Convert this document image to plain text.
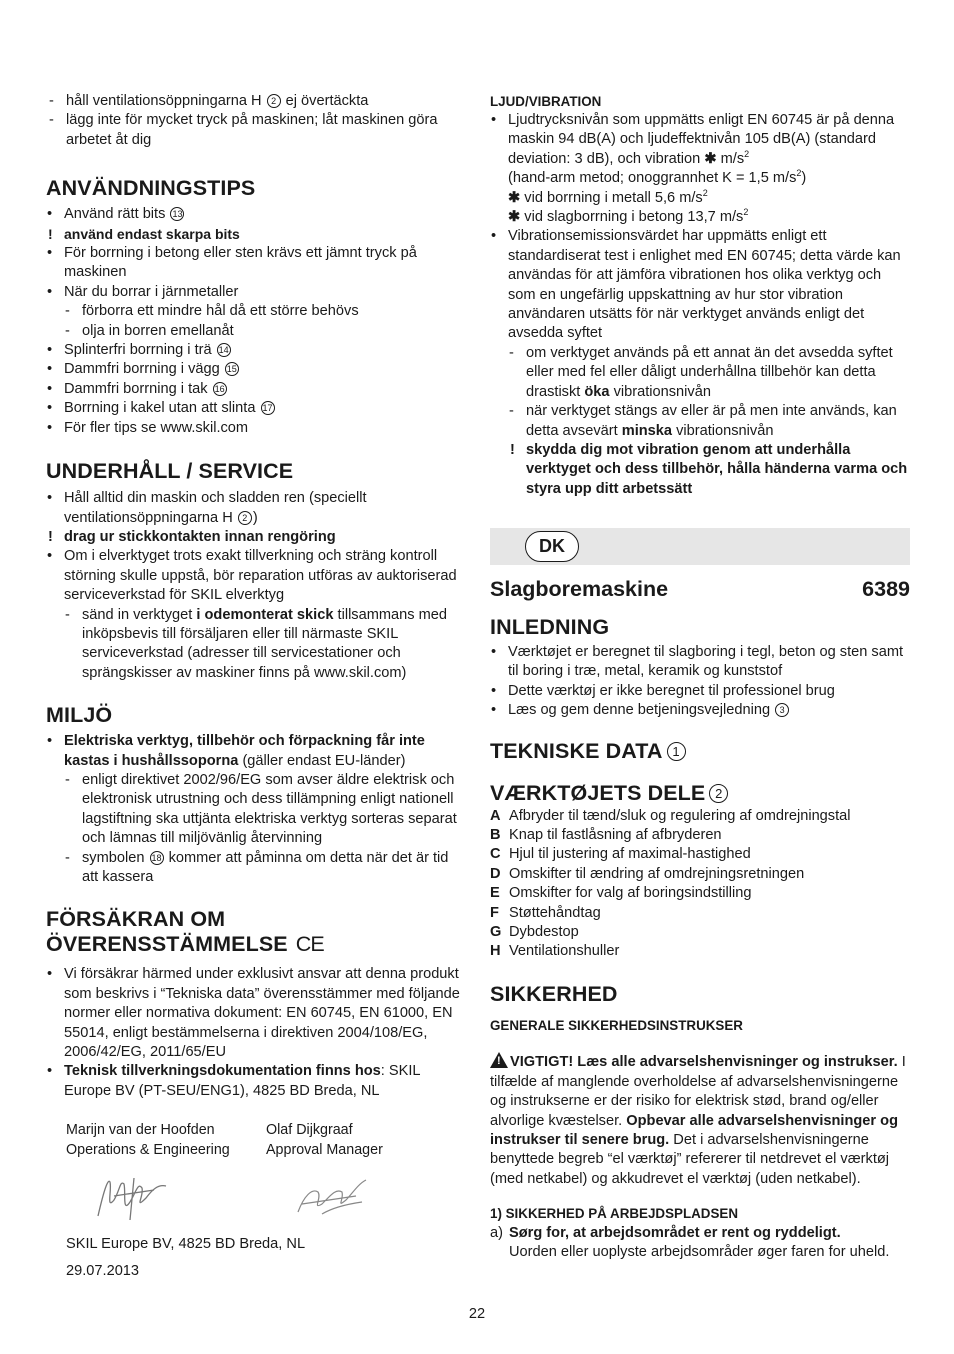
- håll ventilationsöppningarna H 2 ej övertäckta
- lägg inte för mycket tryck på maskinen; låt maskinen göra arbetet åt dig
ANVÄNDNINGSTIPS
• Använd rätt bits 13
! använd endast skarpa bits
• För borrning i betong eller sten krävs ett jämnt tryck på maskinen
• När du borrar i järnmetaller
- förborra ett mindre hål då ett större behövs
- olja in borren emellanåt
• Splinterfri borrning i trä 14
• Dammfri borrning i vägg 15
• Dammfri borrning i tak 16
• Borrning i kakel utan att slinta 17
• För fler tips se www.skil.com
UNDERHÅLL / SERVICE
• Håll alltid din maskin och sladden ren (speciellt ventilationsöppningarna H 2 )
! drag ur stickkontakten innan rengöring
• Om i elverktyget trots exakt tillverkning och sträng kontroll störning skulle uppstå, bör reparation utföras av auktoriserad serviceverkstad för SKIL elverktyg
- sänd in verktyget i odemonterat skick tillsammans med inköpsbevis till försäljaren eller till närmaste SKIL serviceverkstad (adresser till servicestationer och sprängskisser av maskiner finns på www.skil.com)
MILJÖ
• Elektriska verktyg, tillbehör och förpackning får inte kastas i hushållssoporna (gäller endast EU-länder)
- enligt direktivet 2002/96/EG som avser äldre elektrisk och elektronisk utrustning och dess tillämpning enligt nationell lagstiftning ska uttjänta elektriska verktyg sorteras separat och lämnas till miljövänlig återvinning
- symbolen 18 kommer att påminna om detta när det är tid att kassera
FÖRSÄKRAN OM
ÖVERENSSTÄMMELSE CE
• Vi försäkrar härmed under exklusivt ansvar att denna produkt som beskrivs i “Tekniska data” överensstämmer med följande normer eller normativa dokument: EN 60745, EN 61000, EN 55014, enligt bestämmelserna i direktiven 2004/108/EG, 2006/42/EG, 2011/65/EU
• Teknisk tillverkningsdokumentation finns hos: SKIL Europe BV (PT-SEU/ENG1), 4825 BD Breda, NL
Marijn van der Hoofden
Operations & Engineering
Olaf Dijkgraaf
Approval Manager
SKIL Europe BV, 4825 BD Breda, NL
29.07.2013
LJUD/VIBRATION
• Ljudtrycksnivån som uppmätts enligt EN 60745 är på denna maskin 94 dB(A) och ljudeffektnivån 105 dB(A) (standard deviation: 3 dB), och vibration ✱ $m/s^2$
(hand-arm metod; onoggrannhet K = 1,5 $m/s^2$)
✱ vid borrning i metall 5,6 $m/s^2$
✱ vid slagborrning i betong 13,7 $m/s^2$
• Vibrationsemissionsvärdet har uppmätts enligt ett standardiserat test i enlighet med EN 60745; detta värde kan användas för att jämföra vibrationen hos olika verktyg och som en ungefärlig uppskattning av hur stor vibration användaren utsätts för när verktyget används enligt det avsedda syftet
- om verktyget används på ett annat än det avsedda syftet eller med fel eller dåligt underhållna tillbehör kan detta drastiskt öka vibrationsnivån
- när verktyget stängs av eller är på men inte används, kan detta avsevärt minska vibrationsnivån
! skydda dig mot vibration genom att underhålla verktyget och dess tillbehör, hålla händerna varma och styra upp ditt arbetssätt
DK
Slagboremaskine	6389
INLEDNING
• Værktøjet er beregnet til slagboring i tegl, beton og sten samt til boring i træ, metal, keramik og kunststof
• Dette værktøj er ikke beregnet til professionel brug
• Læs og gem denne betjeningsvejledning 3
TEKNISKE DATA 1
VÆRKTØJETS DELE 2
A Afbryder til tænd/sluk og regulering af omdrejningstal
B Knap til fastlåsning af afbryderen
C Hjul til justering af maximal-hastighed
D Omskifter til ændring af omdrejningsretningen
E Omskifter for valg af boringsindstilling
F Støttehåndtag
G Dybdestop
H Ventilationshuller
SIKKERHED
GENERALE SIKKERHEDSINSTRUKSER

!VIGTIGT! Læs alle advarselshenvisninger og instrukser. I tilfælde af manglende overholdelse af advarselshenvisningerne og instrukserne er der risiko for elektrisk stød, brand og/eller alvorlige kvæstelser. Opbevar alle advarselshenvisninger og instrukser til senere brug. Det i advarselshenvisningerne benyttede begreb “el værktøj” refererer til netdrevet el værktøj (med netkabel) og akkudrevet el værktøj (uden netkabel).

1) SIKKERHED PÅ ARBEJDSPLADSEN
a) Sørg for, at arbejdsområdet er rent og ryddeligt.
Uorden eller uoplyste arbejdsområder øger faren for uheld.
22
